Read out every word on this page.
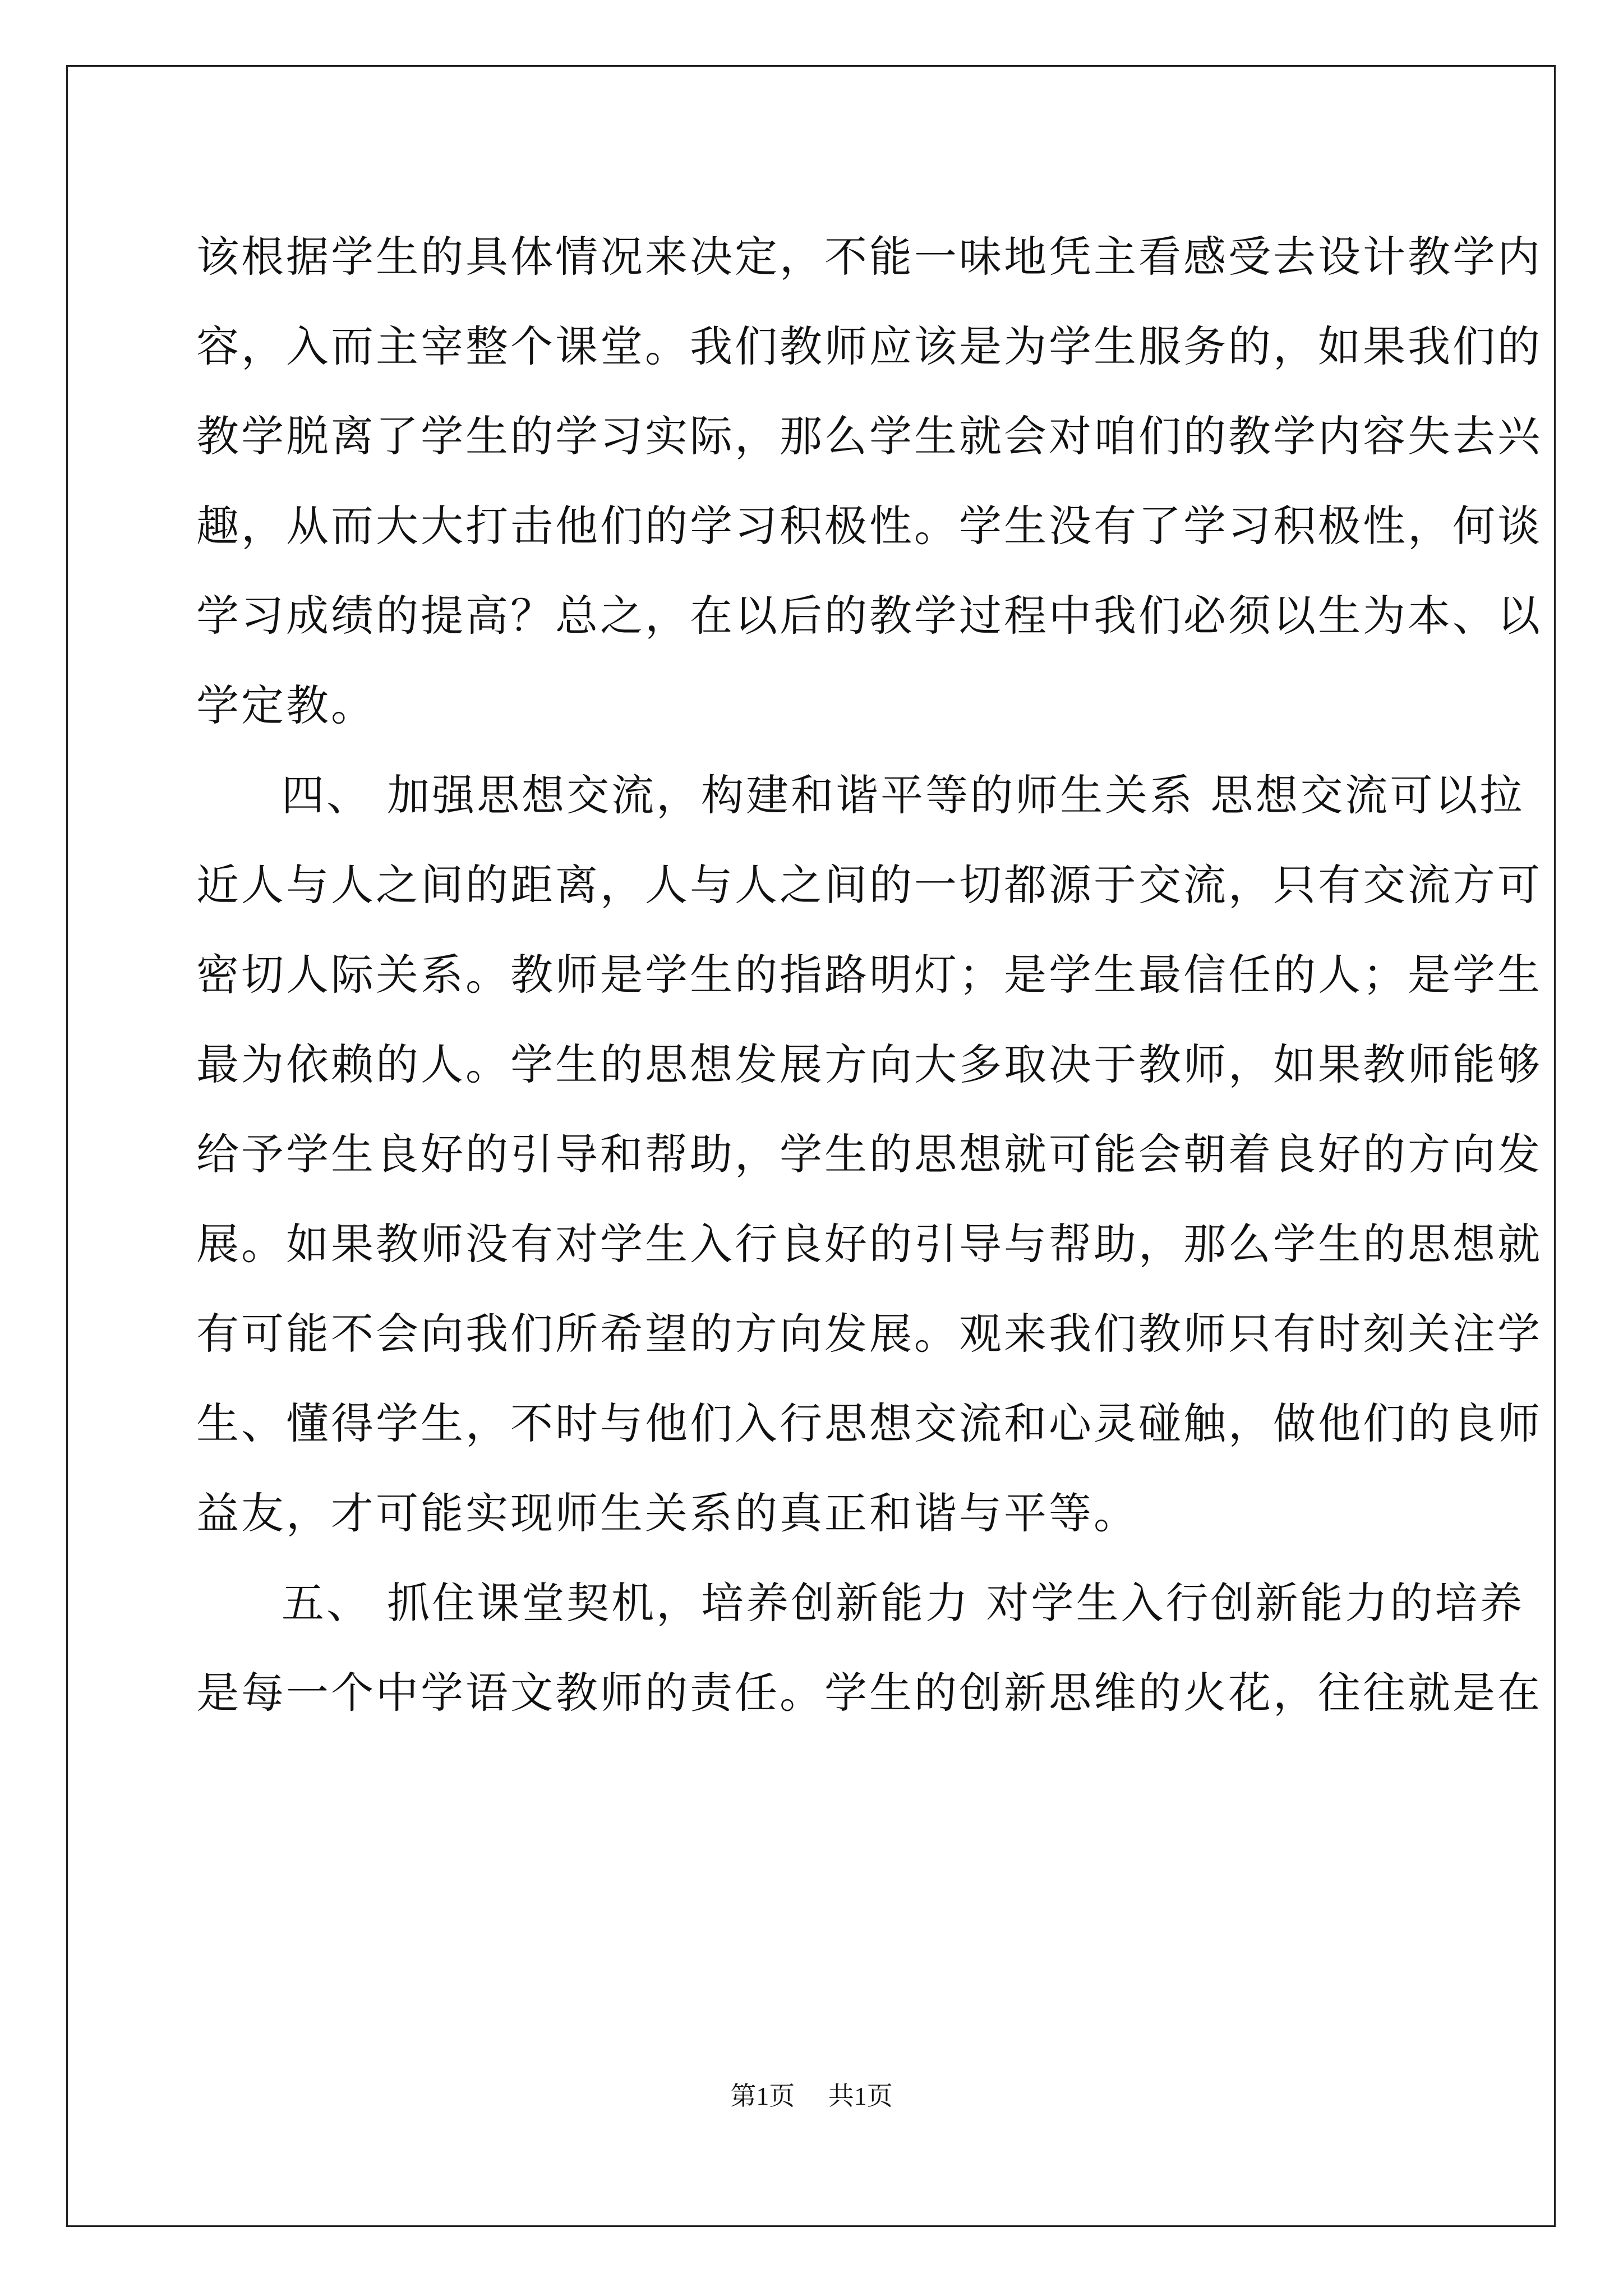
该根据学生的具体情况来决定，不能一味地凭主看感受去设计教学内
容，入而主宰整个课堂。我们教师应该是为学生服务的，如果我们的
教学脱离了学生的学习实际，那么学生就会对咱们的教学内容失去兴
趣，从而大大打击他们的学习积极性。学生没有了学习积极性，何谈
学习成绩的提高？总之，在以后的教学过程中我们必须以生为本、以
学定教。
四、 加强思想交流，构建和谐平等的师生关系 思想交流可以拉
近人与人之间的距离，人与人之间的一切都源于交流，只有交流方可
密切人际关系。教师是学生的指路明灯；是学生最信任的人；是学生
最为依赖的人。学生的思想发展方向大多取决于教师，如果教师能够
给予学生良好的引导和帮助，学生的思想就可能会朝着良好的方向发
展。如果教师没有对学生入行良好的引导与帮助，那么学生的思想就
有可能不会向我们所希望的方向发展。观来我们教师只有时刻关注学
生、懂得学生，不时与他们入行思想交流和心灵碰触，做他们的良师
益友，才可能实现师生关系的真正和谐与平等。
五、 抓住课堂契机，培养创新能力 对学生入行创新能力的培养
是每一个中学语文教师的责任。学生的创新思维的火花，往往就是在
第1页 共1页
